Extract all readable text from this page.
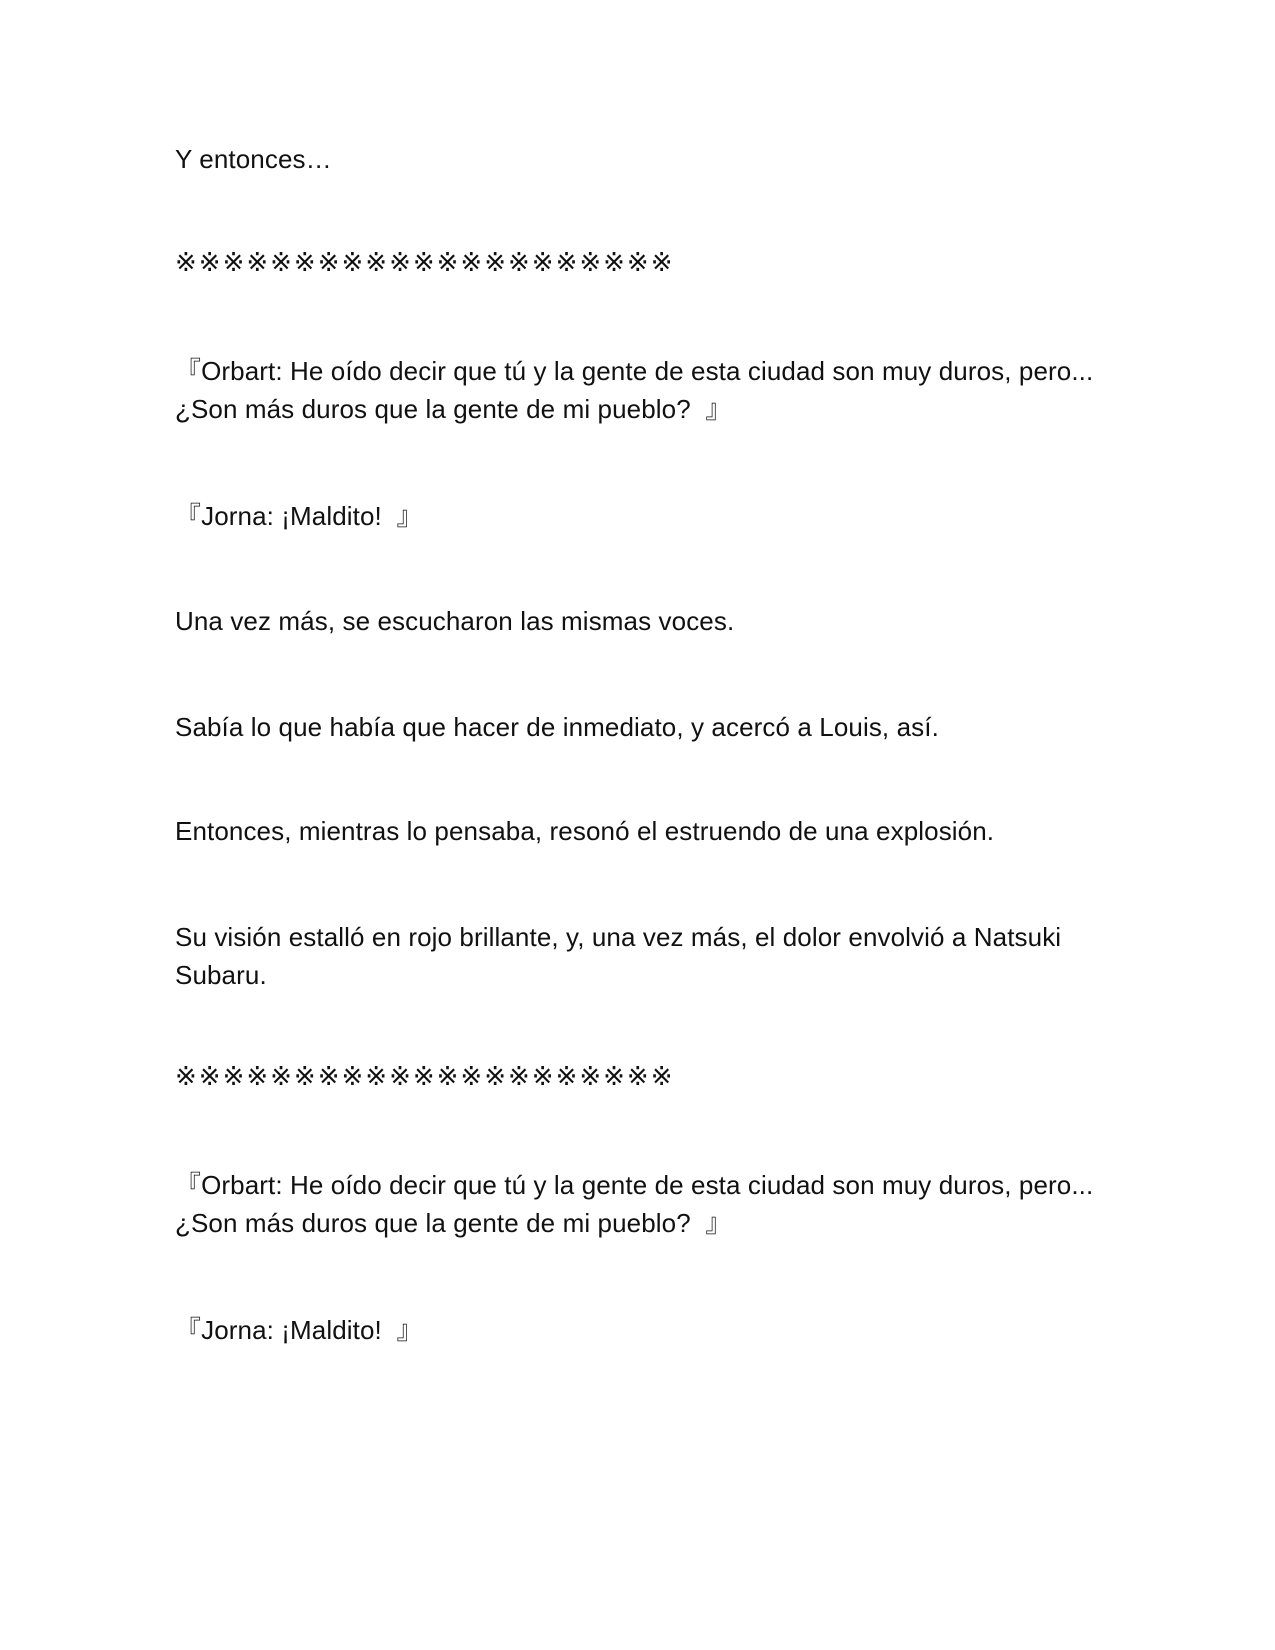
Y entonces…
※※※※※※※※※※※※※※※※※※※※※
『Orbart: He oído decir que tú y la gente de esta ciudad son muy duros, pero... ¿Son más duros que la gente de mi pueblo?  』
『Jorna: ¡Maldito!  』
Una vez más, se escucharon las mismas voces.
Sabía lo que había que hacer de inmediato, y acercó a Louis, así.
Entonces, mientras lo pensaba, resonó el estruendo de una explosión.
Su visión estalló en rojo brillante, y, una vez más, el dolor envolvió a Natsuki Subaru.
※※※※※※※※※※※※※※※※※※※※※
『Orbart: He oído decir que tú y la gente de esta ciudad son muy duros, pero... ¿Son más duros que la gente de mi pueblo?  』
『Jorna: ¡Maldito!  』
